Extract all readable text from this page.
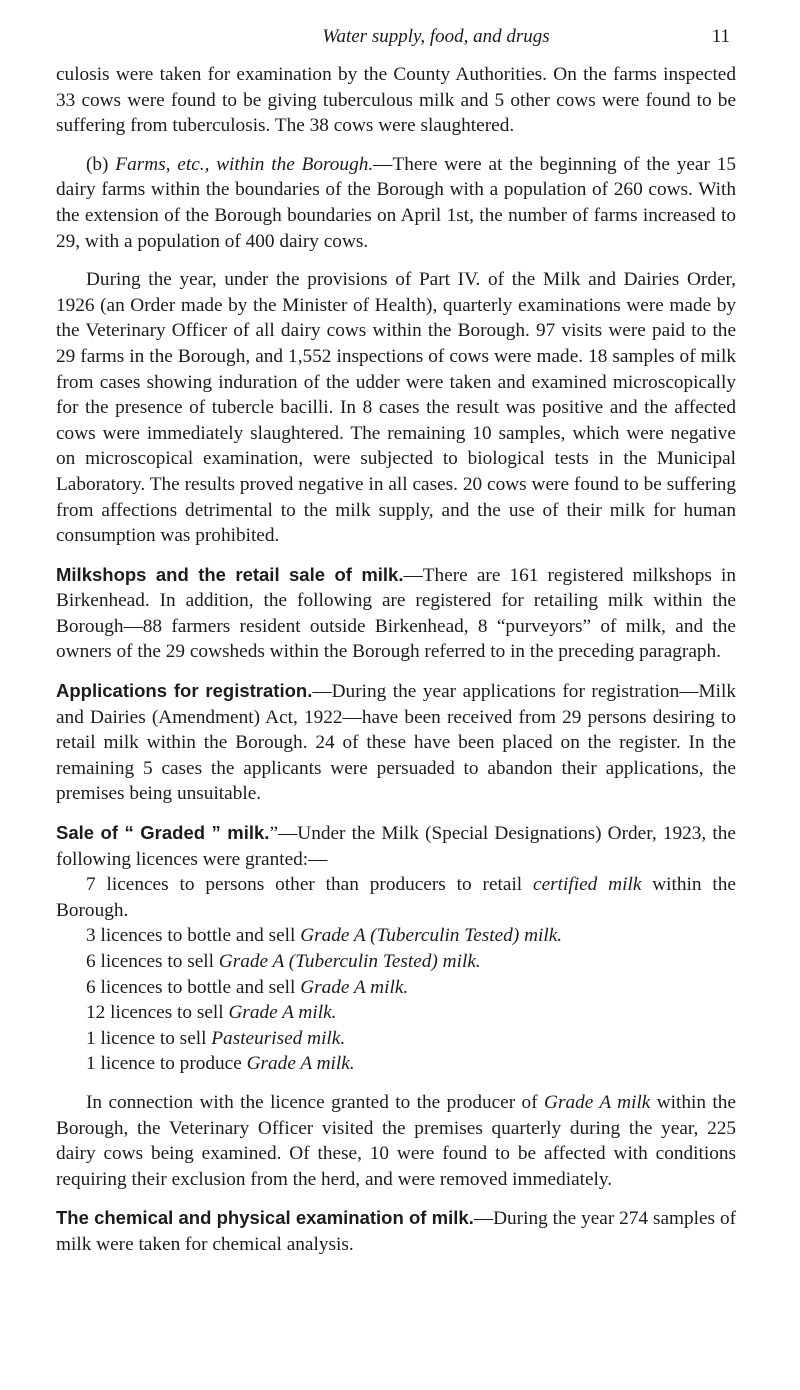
Water supply, food, and drugs	11

culosis were taken for examination by the County Authorities. On the farms inspected 33 cows were found to be giving tuberculous milk and 5 other cows were found to be suffering from tuberculosis. The 38 cows were slaughtered.

(b) Farms, etc., within the Borough.—There were at the beginning of the year 15 dairy farms within the boundaries of the Borough with a population of 260 cows. With the extension of the Borough boundaries on April 1st, the number of farms increased to 29, with a population of 400 dairy cows.

During the year, under the provisions of Part IV. of the Milk and Dairies Order, 1926 (an Order made by the Minister of Health), quarterly examinations were made by the Veterinary Officer of all dairy cows within the Borough. 97 visits were paid to the 29 farms in the Borough, and 1,552 inspections of cows were made. 18 samples of milk from cases showing induration of the udder were taken and examined microscopically for the presence of tubercle bacilli. In 8 cases the result was positive and the affected cows were immediately slaughtered. The remaining 10 samples, which were negative on microscopical examination, were subjected to biological tests in the Municipal Laboratory. The results proved negative in all cases. 20 cows were found to be suffering from affections detrimental to the milk supply, and the use of their milk for human consumption was prohibited.

Milkshops and the retail sale of milk.—There are 161 registered milkshops in Birkenhead. In addition, the following are registered for retailing milk within the Borough—88 farmers resident outside Birkenhead, 8 “purveyors” of milk, and the owners of the 29 cowsheds within the Borough referred to in the preceding paragraph.

Applications for registration.—During the year applications for registration—Milk and Dairies (Amendment) Act, 1922—have been received from 29 persons desiring to retail milk within the Borough. 24 of these have been placed on the register. In the remaining 5 cases the applicants were persuaded to abandon their applications, the premises being unsuitable.

Sale of “ Graded ” milk.”—Under the Milk (Special Designations) Order, 1923, the following licences were granted:—

7 licences to persons other than producers to retail certified milk within the Borough.
3 licences to bottle and sell Grade A (Tuberculin Tested) milk.
6 licences to sell Grade A (Tuberculin Tested) milk.
6 licences to bottle and sell Grade A milk.
12 licences to sell Grade A milk.
1 licence to sell Pasteurised milk.
1 licence to produce Grade A milk.

In connection with the licence granted to the producer of Grade A milk within the Borough, the Veterinary Officer visited the premises quarterly during the year, 225 dairy cows being examined. Of these, 10 were found to be affected with conditions requiring their exclusion from the herd, and were removed immediately.

The chemical and physical examination of milk.—During the year 274 samples of milk were taken for chemical analysis.
